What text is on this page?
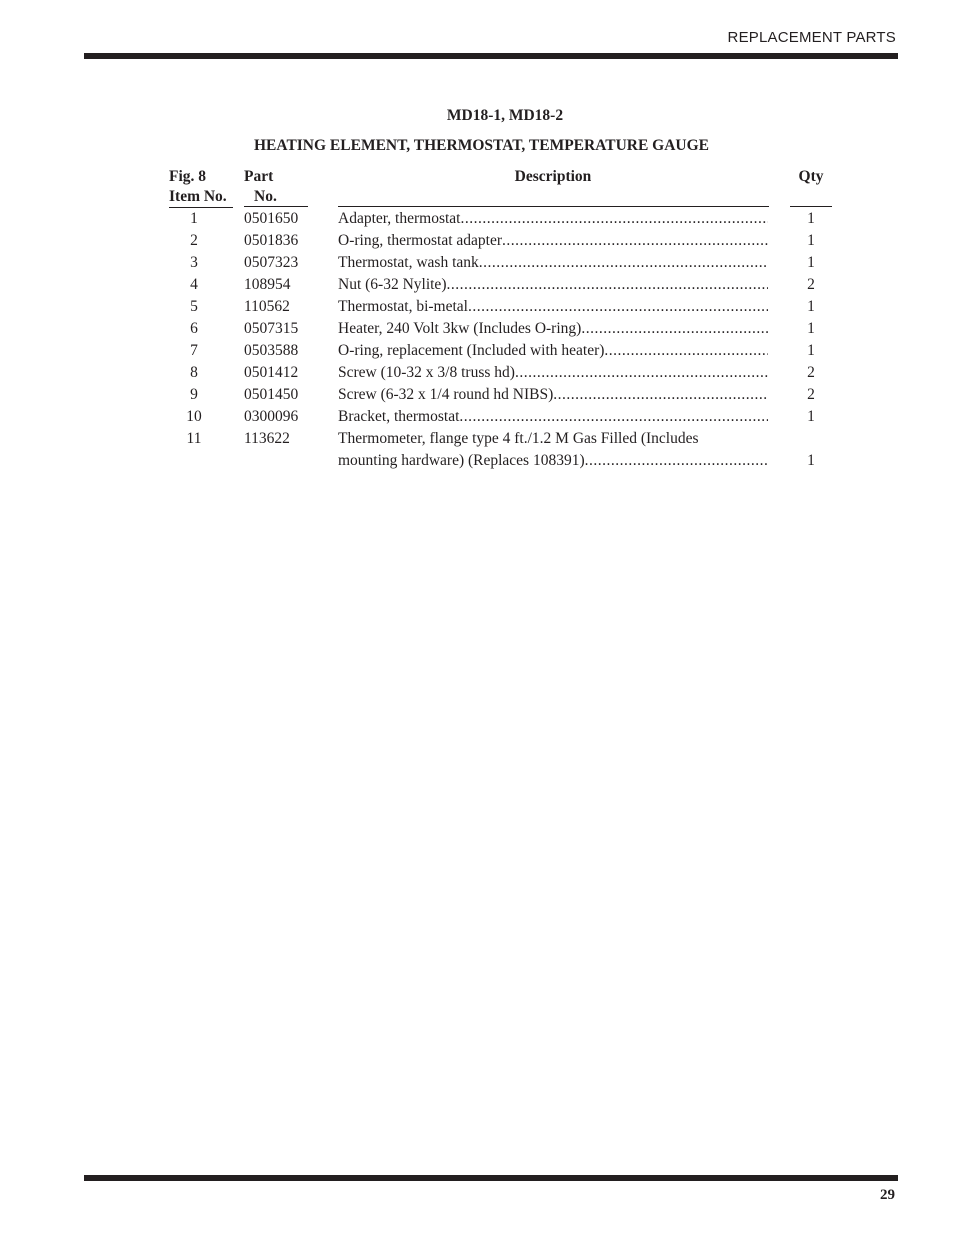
REPLACEMENT PARTS
MD18-1, MD18-2
HEATING ELEMENT, THERMOSTAT, TEMPERATURE GAUGE
Fig. 8
Item No.
Part
No.
Description	Qty
1	0501650	Adapter, thermostat .....	1
2	0501836	O-ring, thermostat adapter .....	1
3	0507323	Thermostat, wash tank .....	1
4	108954	Nut (6-32 Nylite) .....	2
5	110562	Thermostat, bi-metal .....	1
6	0507315	Heater, 240 Volt 3kw (Includes O-ring) .....	1
7	0503588	O-ring, replacement (Included with heater) .....	1
8	0501412	Screw (10-32 x 3/8 truss hd) .....	2
9	0501450	Screw (6-32 x 1/4 round hd NIBS) .....	2
10	0300096	Bracket, thermostat .....	1
11	113622	Thermometer, flange type 4 ft./1.2 M Gas Filled (Includes
mounting hardware) (Replaces 108391) .....	1
29
